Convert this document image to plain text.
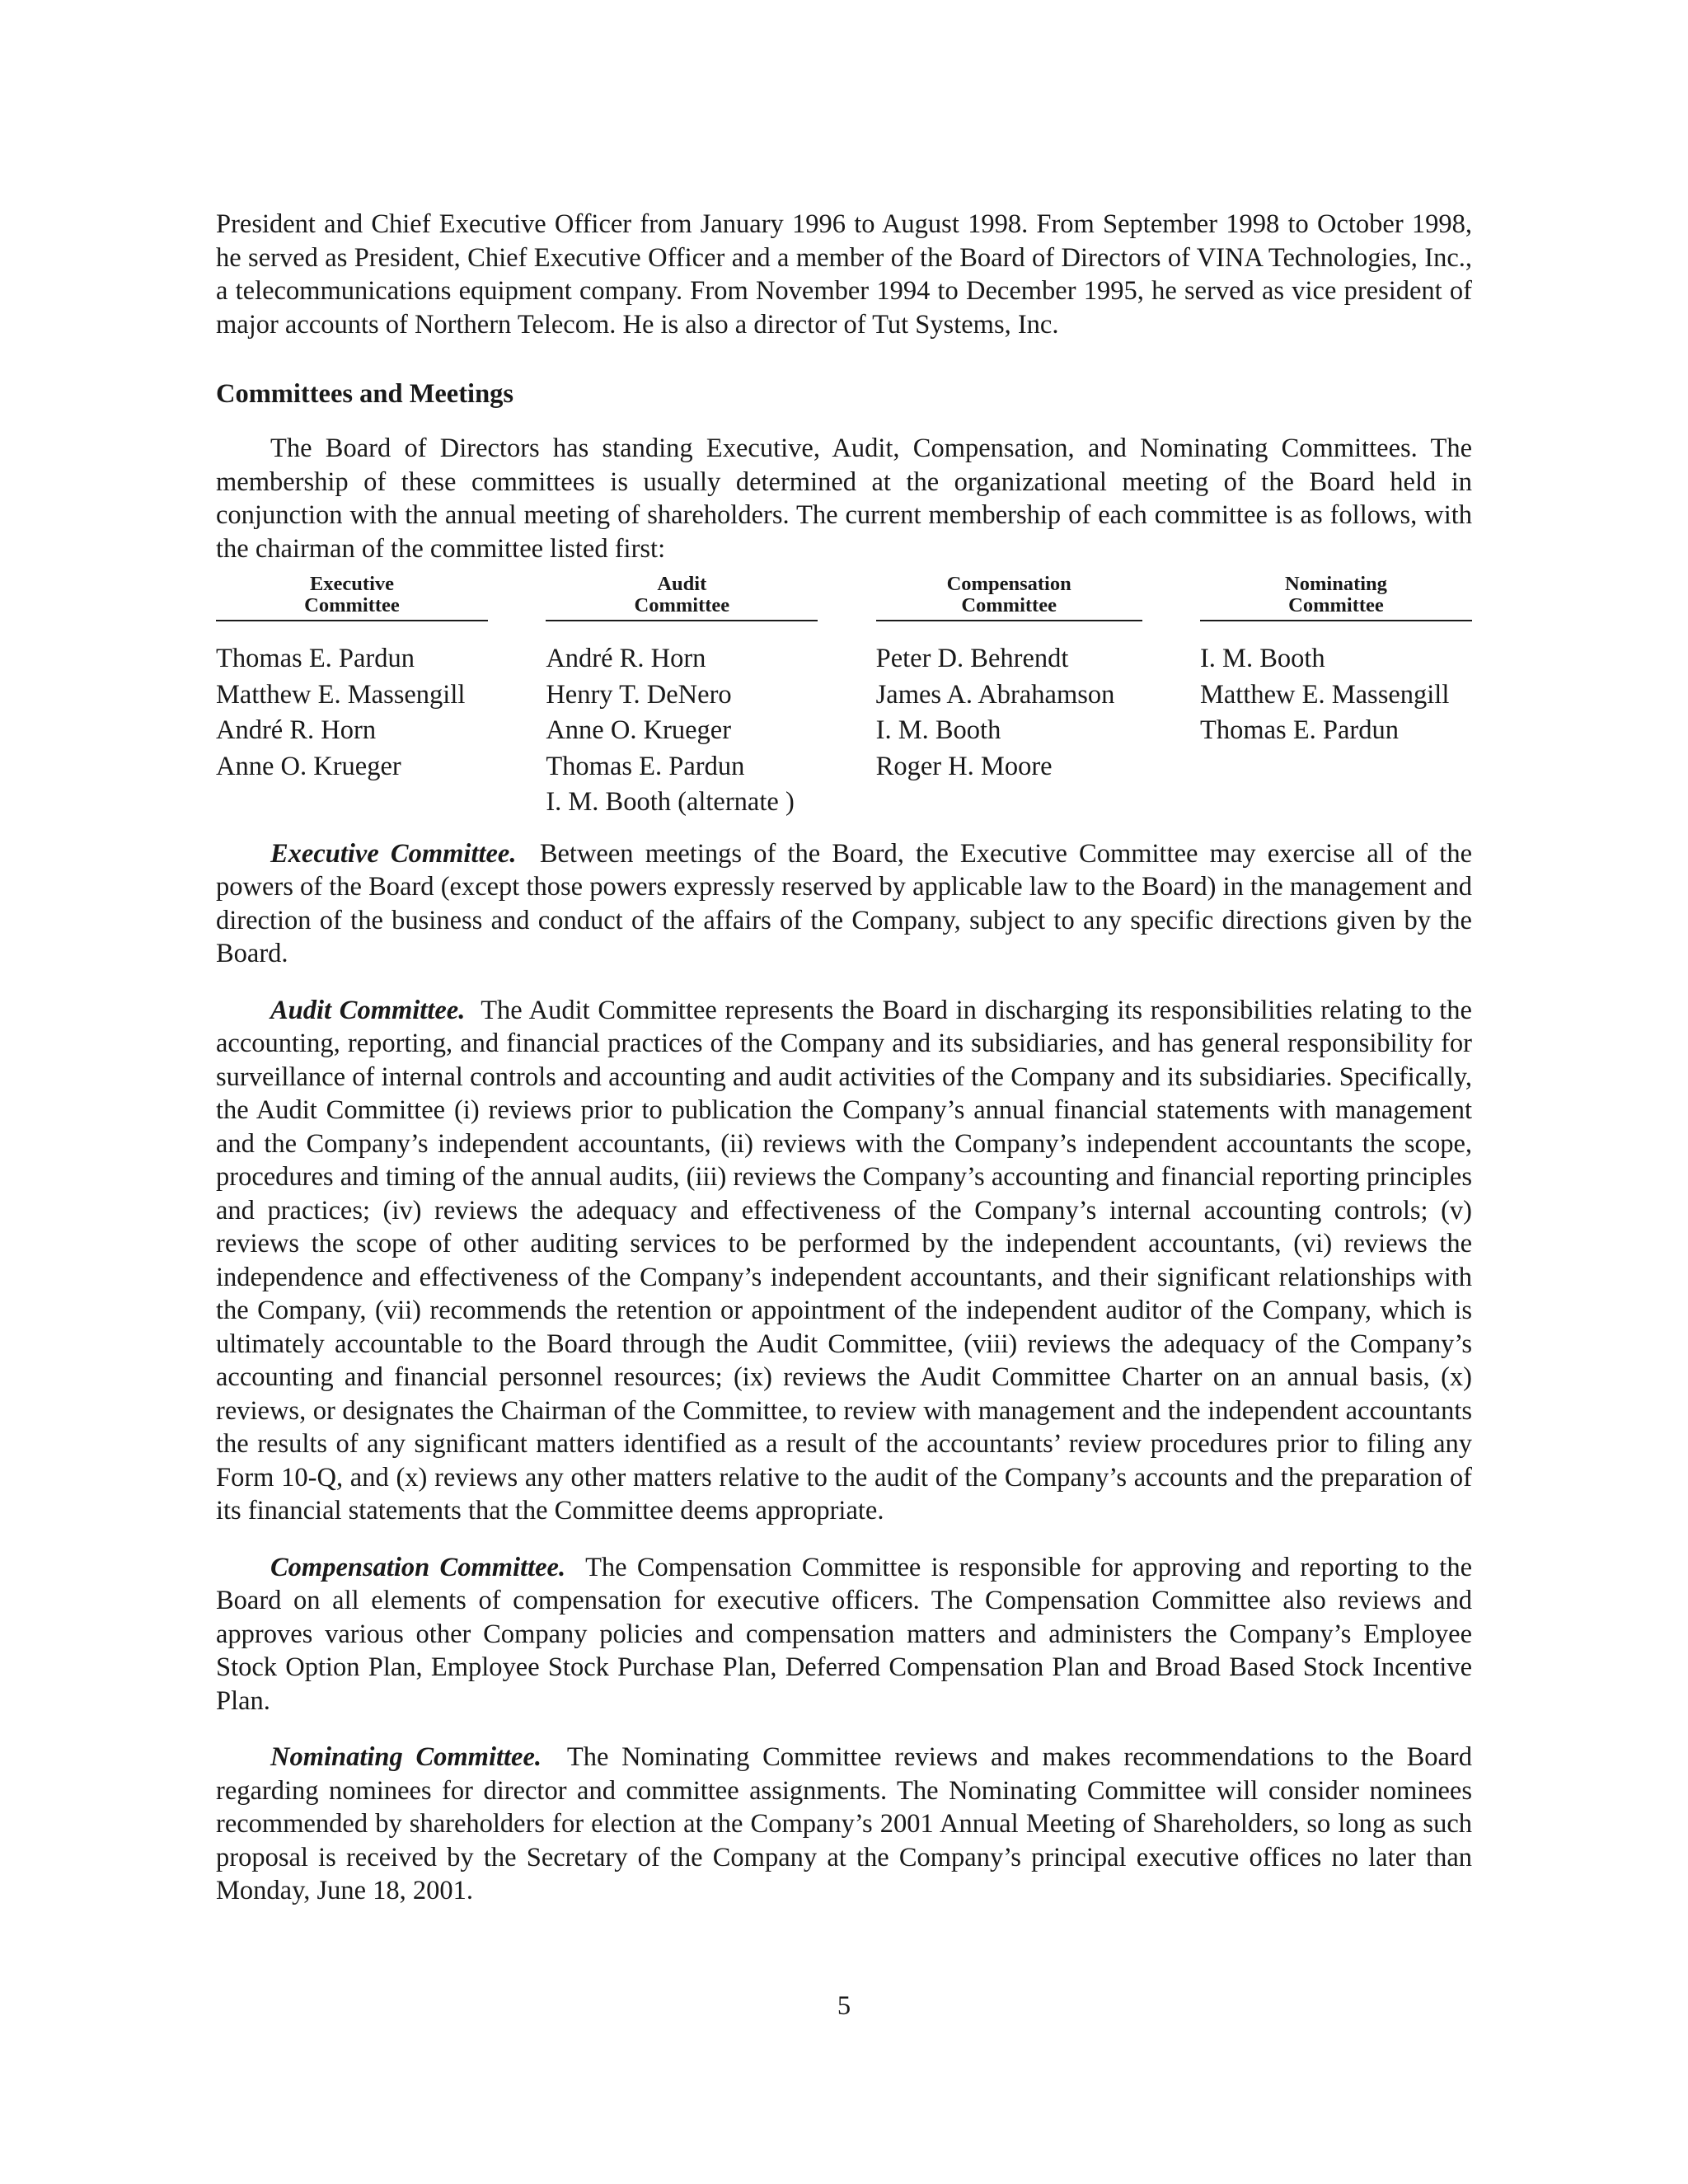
President and Chief Executive Officer from January 1996 to August 1998. From September 1998 to October 1998, he served as President, Chief Executive Officer and a member of the Board of Directors of VINA Technologies, Inc., a telecommunications equipment company. From November 1994 to December 1995, he served as vice president of major accounts of Northern Telecom. He is also a director of Tut Systems, Inc.

Committees and Meetings

The Board of Directors has standing Executive, Audit, Compensation, and Nominating Committees. The membership of these committees is usually determined at the organizational meeting of the Board held in conjunction with the annual meeting of shareholders. The current membership of each committee is as follows, with the chairman of the committee listed first:

Executive
Committee
Thomas E. Pardun
Matthew E. Massengill
André R. Horn
Anne O. Krueger
Audit
Committee
André R. Horn
Henry T. DeNero
Anne O. Krueger
Thomas E. Pardun
I. M. Booth (alternate )
Compensation
Committee
Peter D. Behrendt
James A. Abrahamson
I. M. Booth
Roger H. Moore
Nominating
Committee
I. M. Booth
Matthew E. Massengill
Thomas E. Pardun

Executive Committee. Between meetings of the Board, the Executive Committee may exercise all of the powers of the Board (except those powers expressly reserved by applicable law to the Board) in the management and direction of the business and conduct of the affairs of the Company, subject to any specific directions given by the Board.

Audit Committee. The Audit Committee represents the Board in discharging its responsibilities relating to the accounting, reporting, and financial practices of the Company and its subsidiaries, and has general responsibility for surveillance of internal controls and accounting and audit activities of the Company and its subsidiaries. Specifically, the Audit Committee (i) reviews prior to publication the Company’s annual financial statements with management and the Company’s independent accountants, (ii) reviews with the Company’s independent accountants the scope, procedures and timing of the annual audits, (iii) reviews the Company’s accounting and financial reporting principles and practices; (iv) reviews the adequacy and effectiveness of the Company’s internal accounting controls; (v) reviews the scope of other auditing services to be performed by the independent accountants, (vi) reviews the independence and effectiveness of the Company’s independent accountants, and their significant relationships with the Company, (vii) recommends the retention or appointment of the independent auditor of the Company, which is ultimately accountable to the Board through the Audit Committee, (viii) reviews the adequacy of the Company’s accounting and financial personnel resources; (ix) reviews the Audit Committee Charter on an annual basis, (x) reviews, or designates the Chairman of the Committee, to review with management and the independent accountants the results of any significant matters identified as a result of the accountants’ review procedures prior to filing any Form 10-Q, and (x) reviews any other matters relative to the audit of the Company’s accounts and the preparation of its financial statements that the Committee deems appropriate.

Compensation Committee. The Compensation Committee is responsible for approving and reporting to the Board on all elements of compensation for executive officers. The Compensation Committee also reviews and approves various other Company policies and compensation matters and administers the Company’s Employee Stock Option Plan, Employee Stock Purchase Plan, Deferred Compensation Plan and Broad Based Stock Incentive Plan.

Nominating Committee. The Nominating Committee reviews and makes recommendations to the Board regarding nominees for director and committee assignments. The Nominating Committee will consider nominees recommended by shareholders for election at the Company’s 2001 Annual Meeting of Shareholders, so long as such proposal is received by the Secretary of the Company at the Company’s principal executive offices no later than Monday, June 18, 2001.

5
